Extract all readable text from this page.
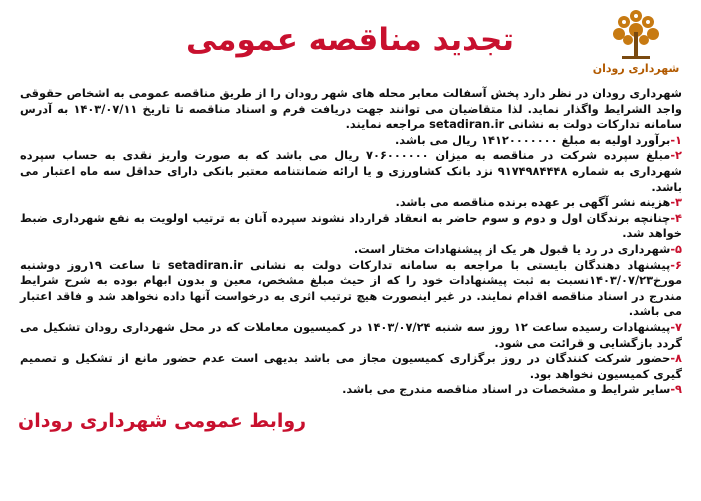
شهرداری رودان
تجدید مناقصه عمومی

شهرداری رودان در نظر دارد پخش آسفالت معابر محله های شهر رودان را از طریق مناقصه عمومی به اشخاص حقوقی واجد الشرایط واگذار نماید. لذا متقاضیان می توانند جهت دریافت فرم و اسناد مناقصه تا تاریخ ۱۴۰۳/۰۷/۱۱ به آدرس سامانه تدارکات دولت به نشانی setadiran.ir مراجعه نمایند.

۱-برآورد اولیه به مبلغ ۱۴۱۲۰۰۰۰۰۰۰ ریال می باشد.

۲-مبلغ سپرده شرکت در مناقصه به میزان ۷۰۶۰۰۰۰۰۰ ریال می باشد که به صورت واریز نقدی به حساب سپرده شهرداری به شماره ۹۱۷۴۹۸۴۴۴۸ نزد بانک کشاورزی و یا ارائه ضمانتنامه معتبر بانکی دارای حداقل سه ماه اعتبار می باشد.

۳-هزینه نشر آگهی بر عهده برنده مناقصه می باشد.

۴-چنانچه برندگان اول و دوم و سوم حاضر به انعقاد قرارداد نشوند سپرده آنان به ترتیب اولویت به نفع شهرداری ضبط خواهد شد.

۵-شهرداری در رد یا قبول هر یک از پیشنهادات مختار است.

۶-پیشنهاد دهندگان بایستی با مراجعه به سامانه تدارکات دولت به نشانی setadiran.ir تا ساعت ۱۹روز دوشنبه مورخ۱۴۰۳/۰۷/۲۳نسبت به ثبت پیشنهادات خود را که از حیث مبلغ مشخص، معین و بدون ابهام بوده به شرح شرایط مندرج در اسناد مناقصه اقدام نمایند. در غیر اینصورت هیچ ترتیب اثری به درخواست آنها داده نخواهد شد و فاقد اعتبار می باشد.

۷-پیشنهادات رسیده ساعت ۱۲ روز سه شنبه ۱۴۰۳/۰۷/۲۴ در کمیسیون معاملات که در محل شهرداری رودان تشکیل می گردد بازگشایی و قرائت می شود.

۸-حضور شرکت کنندگان در روز برگزاری کمیسیون مجاز می باشد بدیهی است عدم حضور مانع از تشکیل و تصمیم گیری کمیسیون نخواهد بود.

۹-سایر شرایط و مشخصات در اسناد مناقصه مندرج می باشد.

روابط عمومی شهرداری رودان
